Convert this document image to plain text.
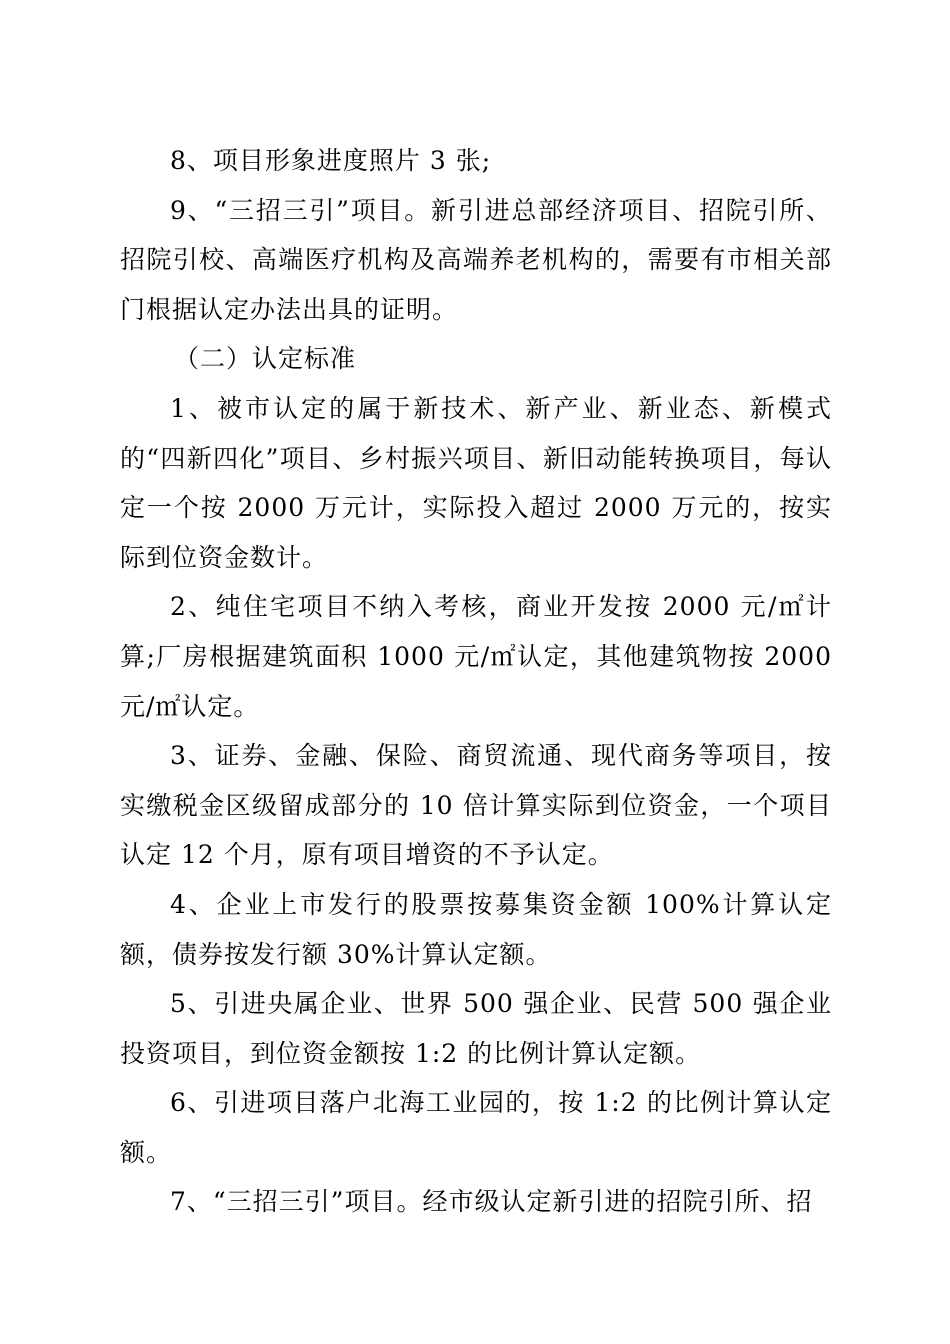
8、项目形象进度照片 3 张;

9、“三招三引”项目。新引进总部经济项目、招院引所、招院引校、高端医疗机构及高端养老机构的，需要有市相关部门根据认定办法出具的证明。

（二）认定标准

1、被市认定的属于新技术、新产业、新业态、新模式的“四新四化”项目、乡村振兴项目、新旧动能转换项目，每认定一个按 2000 万元计，实际投入超过 2000 万元的，按实际到位资金数计。

2、纯住宅项目不纳入考核，商业开发按 2000 元/㎡计算;厂房根据建筑面积 1000 元/㎡认定，其他建筑物按 2000 元/㎡认定。

3、证券、金融、保险、商贸流通、现代商务等项目，按实缴税金区级留成部分的 10 倍计算实际到位资金，一个项目认定 12 个月，原有项目增资的不予认定。

4、企业上市发行的股票按募集资金额 100%计算认定额，债券按发行额 30%计算认定额。

5、引进央属企业、世界 500 强企业、民营 500 强企业投资项目，到位资金额按 1:2 的比例计算认定额。

6、引进项目落户北海工业园的，按 1:2 的比例计算认定额。

7、“三招三引”项目。经市级认定新引进的招院引所、招
